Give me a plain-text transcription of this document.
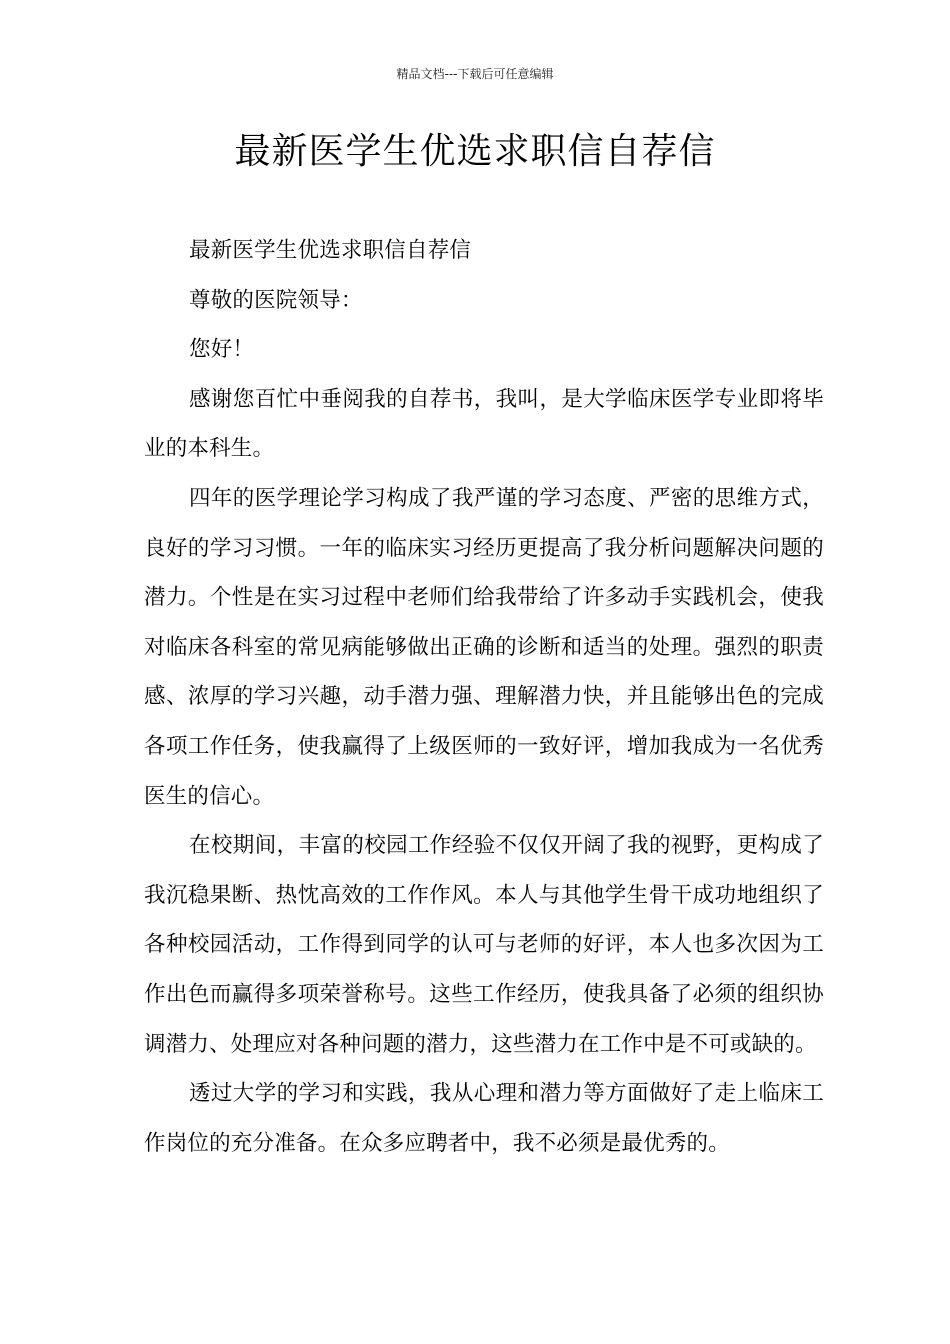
精品文档---下载后可任意编辑
最新医学生优选求职信自荐信

最新医学生优选求职信自荐信

尊敬的医院领导：

您好！

感谢您百忙中垂阅我的自荐书，我叫，是大学临床医学专业即将毕业的本科生。

四年的医学理论学习构成了我严谨的学习态度、严密的思维方式，良好的学习习惯。一年的临床实习经历更提高了我分析问题解决问题的潜力。个性是在实习过程中老师们给我带给了许多动手实践机会，使我对临床各科室的常见病能够做出正确的诊断和适当的处理。强烈的职责感、浓厚的学习兴趣，动手潜力强、理解潜力快，并且能够出色的完成各项工作任务，使我赢得了上级医师的一致好评，增加我成为一名优秀医生的信心。

在校期间，丰富的校园工作经验不仅仅开阔了我的视野，更构成了我沉稳果断、热忱高效的工作作风。本人与其他学生骨干成功地组织了各种校园活动，工作得到同学的认可与老师的好评，本人也多次因为工作出色而赢得多项荣誉称号。这些工作经历，使我具备了必须的组织协调潜力、处理应对各种问题的潜力，这些潜力在工作中是不可或缺的。

透过大学的学习和实践，我从心理和潜力等方面做好了走上临床工作岗位的充分准备。在众多应聘者中，我不必须是最优秀的。
